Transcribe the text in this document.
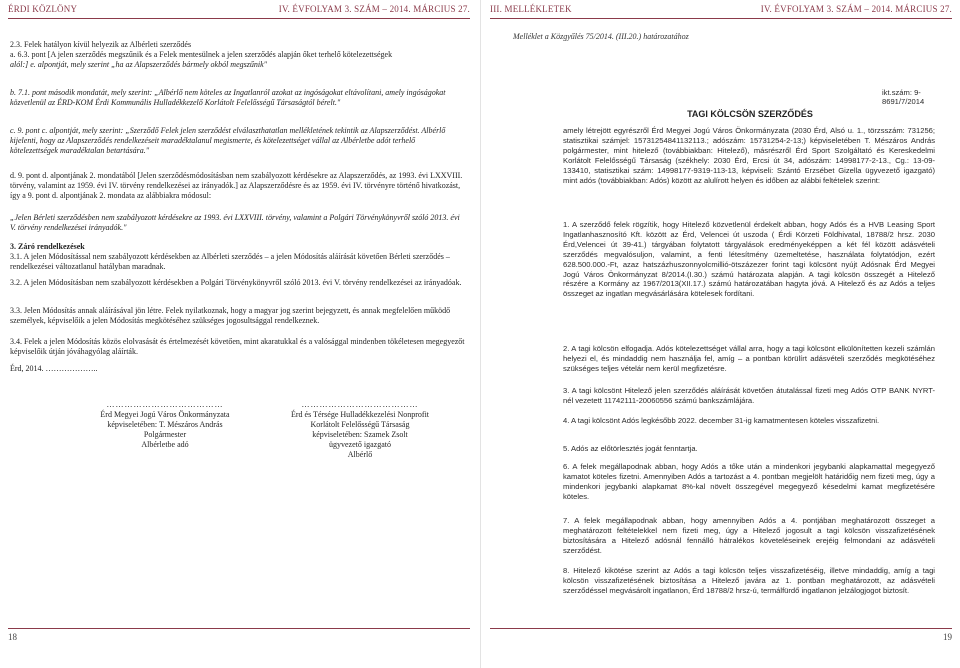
ÉRDI KÖZLÖNY	IV. ÉVFOLYAM 3. SZÁM – 2014. MÁRCIUS 27. III. MELLÉKLETEK	IV. ÉVFOLYAM 3. SZÁM – 2014. MÁRCIUS 27.

2.3. Felek hatályon kívül helyezik az Albérleti szerződés

a. 6.3. pont [A jelen szerződés megszűnik és a Felek mentesülnek a jelen szerződés alapján őket terhelő kötelezettségek

alól:] e. alpontját, mely szerint „ha az Alapszerződés bármely okból megszűnik"

b. 7.1. pont második mondatát, mely szerint: „Albérlő nem köteles az Ingatlanról azokat az ingóságokat eltávolítani, amely ingóságokat közvetlenül az ÉRD-KOM Érdi Kommunális Hulladékkezelő Korlátolt Felelősségű Társaságtól bérelt."

c. 9. pont c. alpontját, mely szerint: „Szerződő Felek jelen szerződést elválaszthatatlan mellékletének tekintik az Alapszerződést. Albérlő kijelenti, hogy az Alapszerződés rendelkezéseit maradéktalanul megismerte, és kötelezettséget vállal az Albérletbe adót terhelő kötelezettségek maradéktalan betartására."

d. 9. pont d. alpontjának 2. mondatából [Jelen szerződésmódosításban nem szabályozott kérdésekre az Alapszerződés, az 1993. évi LXXVIII. törvény, valamint az 1959. évi IV. törvény rendelkezései az irányadók.] az Alapszerződésre és az 1959. évi IV. törvényre történő hivatkozást, így a 9. pont d. alpontjának 2. mondata az alábbiakra módosul:

„Jelen Bérleti szerződésben nem szabályozott kérdésekre az 1993. évi LXXVIII. törvény, valamint a Polgári Törvénykönyvről szóló 2013. évi V. törvény rendelkezései irányadók."

3. Záró rendelkezések

3.1. A jelen Módosítással nem szabályozott kérdésekben az Albérleti szerződés – a jelen Módosítás aláírását követően Bérleti szerződés – rendelkezései változatlanul hatályban maradnak.

3.2. A jelen Módosításban nem szabályozott kérdésekben a Polgári Törvénykönyvről szóló 2013. évi V. törvény rendelkezései az irányadóak.

3.3. Jelen Módosítás annak aláírásával jön létre. Felek nyilatkoznak, hogy a magyar jog szerint bejegyzett, és annak megfelelően működő személyek, képviselőik a jelen Módosítás megkötéséhez szükséges jogosultsággal rendelkeznek.

3.4. Felek a jelen Módosítás közös elolvasását és értelmezését követően, mint akaratukkal és a valósággal mindenben tökéletesen megegyezőt képviselőik útján jóváhagyólag aláírták.

Érd, 2014. ………………..

…………………………………
Érd Megyei Jogú Város Önkormányzata
képviseletében: T. Mészáros András
Polgármester
Albérletbe adó
…………………………………
Érd és Térsége Hulladékkezelési Nonprofit
Korlátolt Felelősségű Társaság
képviseletében: Szamek Zsolt
ügyvezető igazgató
Albérlő
Melléklet a Közgyűlés 75/2014. (III.20.) határozatához
ikt.szám: 9-8691/7/2014
TAGI KÖLCSÖN SZERZŐDÉS

amely létrejött egyrészről Érd Megyei Jogú Város Önkormányzata (2030 Érd, Alsó u. 1., törzsszám: 731256; statisztikai számjel: 15731254841132113.; adószám: 15731254-2-13;) képviseletében T. Mészáros András polgármester, mint hitelező (továbbiakban: Hitelező), másrészről Érd Sport Szolgáltató és Kereskedelmi Korlátolt Felelősségű Társaság (székhely: 2030 Érd, Ercsi út 34, adószám: 14998177-2-13., Cg.: 13-09-133410, statisztikai szám: 14998177-9319-113-13, képviseli: Szántó Erzsébet Gizella ügyvezető igazgató) mint adós (továbbiakban: Adós) között az alulírott helyen és időben az alábbi feltételek szerint:

1. A szerződő felek rögzítik, hogy Hitelező közvetlenül érdekelt abban, hogy Adós és a HVB Leasing Sport Ingatlanhasznosító Kft. között az Érd, Velencei út uszoda ( Érdi Körzeti Földhivatal, 18788/2 hrsz. 2030 Érd,Velencei út 39-41.) tárgyában folytatott tárgyalások eredményeképpen a két fél között adásvételi szerződés megvalósuljon, valamint, a fenti létesítmény üzemeltetése, használata folytatódjon, ezért 628.500.000.-Ft, azaz hatszázhuszonnyolcmillió-ötszázezer forint tagi kölcsönt nyújt Adósnak Érd Megyei Jogú Város Önkormányzat 8/2014.(I.30.) számú határozata alapján. A tagi kölcsön összegét a Hitelező részére a Kormány az 1967/2013(XII.17.) számú határozatában hagyta jóvá. A Hitelező és az Adós a teljes összeget az ingatlan megvásárlására kötelesek fordítani.

2. A tagi kölcsön elfogadja. Adós kötelezettséget vállal arra, hogy a tagi kölcsönt elkülönítetten kezeli számlán helyezi el, és mindaddig nem használja fel, amíg – a pontban körülírt adásvételi szerződés megkötéséhez szükséges teljes vételár nem kerül megfizetésre.

3. A tagi kölcsönt Hitelező jelen szerződés aláírását követően átutalással fizeti meg Adós OTP BANK NYRT- nél vezetett 11742111-20060556 számú bankszámlájára.

4. A tagi kölcsönt Adós legkésőbb 2022. december 31-ig kamatmentesen köteles visszafizetni.

5. Adós az előtörlesztés jogát fenntartja.

6. A felek megállapodnak abban, hogy Adós a tőke után a mindenkori jegybanki alapkamattal megegyező kamatot köteles fizetni. Amennyiben Adós a tartozást a 4. pontban megjelölt határidőig nem fizeti meg, úgy a mindenkori jegybanki alapkamat 8%-kal növelt összegével megegyező késedelmi kamat megfizetésére köteles.

7. A felek megállapodnak abban, hogy amennyiben Adós a 4. pontjában meghatározott összeget a meghatározott feltételekkel nem fizeti meg, úgy a Hitelező jogosult a tagi kölcsön visszafizetésének biztosítására a Hitelező adósnál fennálló hátralékos követeléseinek erejéig felmondani az adásvételi szerződést.

8. Hitelező kikötése szerint az Adós a tagi kölcsön teljes visszafizetéséig, illetve mindaddig, amíg a tagi kölcsön visszafizetésének biztosítása a Hitelező javára az 1. pontban meghatározott, az adásvételi szerződéssel megvásárolt ingatlanon, Érd 18788/2 hrsz-ú, termálfürdő ingatlanon jelzálogjogot biztosít.

18	19
